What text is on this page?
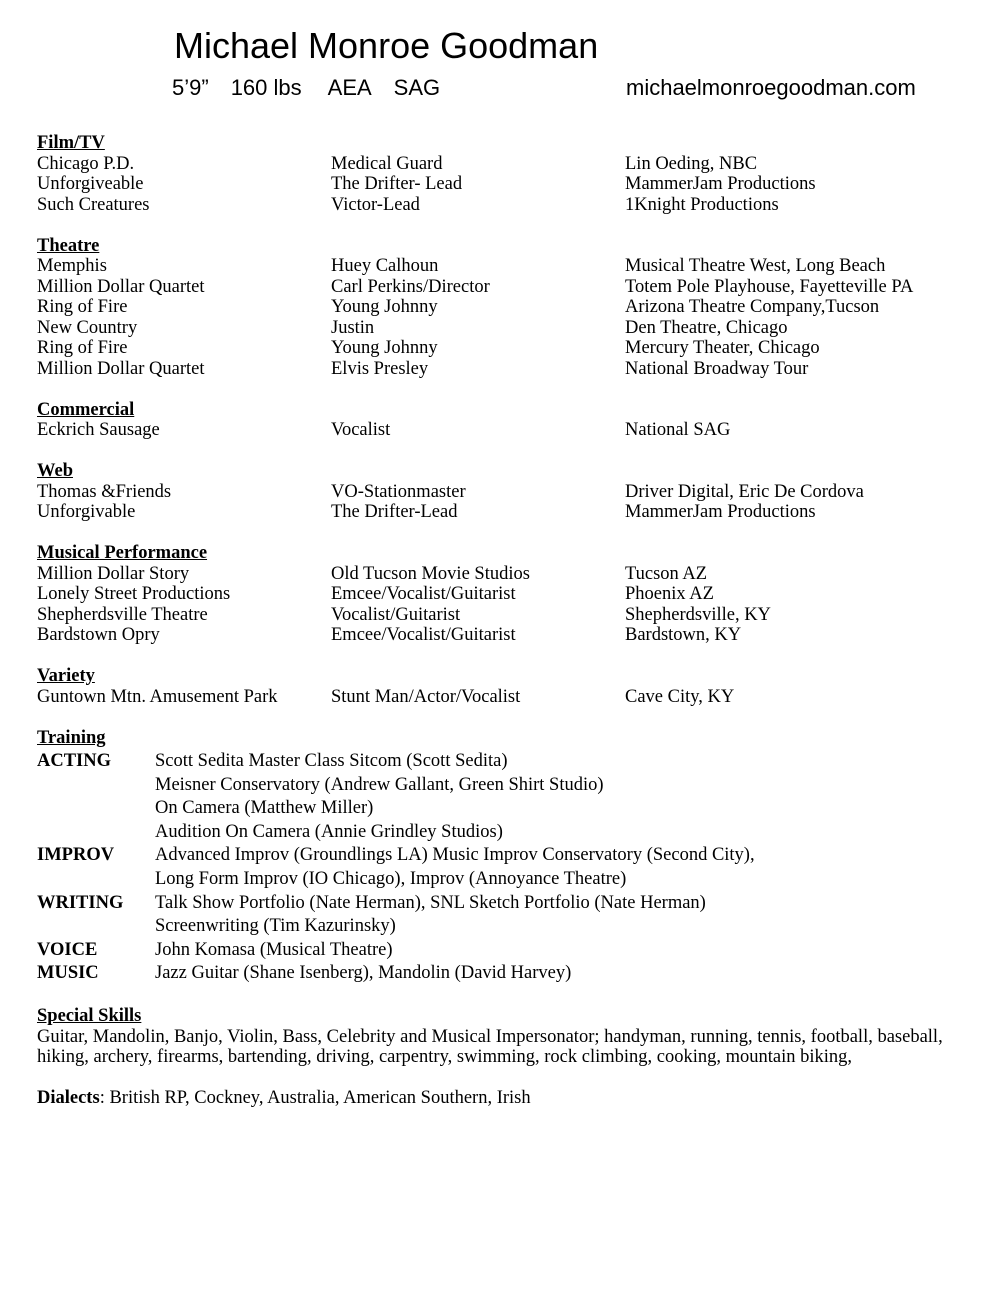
Michael Monroe Goodman
5’9” 160 lbs AEA SAG	michaelmonroegoodman.com
Film/TV
Chicago P.D.	Medical Guard	Lin Oeding, NBC
Unforgiveable	The Drifter- Lead	MammerJam Productions
Such Creatures	Victor-Lead	1Knight Productions
Theatre
Memphis	Huey Calhoun	Musical Theatre West, Long Beach
Million Dollar Quartet	Carl Perkins/Director	Totem Pole Playhouse, Fayetteville PA
Ring of Fire	Young Johnny	Arizona Theatre Company,Tucson
New Country	Justin	Den Theatre, Chicago
Ring of Fire	Young Johnny	Mercury Theater, Chicago
Million Dollar Quartet	Elvis Presley	National Broadway Tour
Commercial
Eckrich Sausage	Vocalist	National SAG
Web
Thomas &Friends	VO-Stationmaster	Driver Digital, Eric De Cordova
Unforgivable	The Drifter-Lead	MammerJam Productions
Musical Performance
Million Dollar Story	Old Tucson Movie Studios	Tucson AZ
Lonely Street Productions	Emcee/Vocalist/Guitarist	Phoenix AZ
Shepherdsville Theatre	Vocalist/Guitarist	Shepherdsville, KY
Bardstown Opry	Emcee/Vocalist/Guitarist	Bardstown, KY
Variety
Guntown Mtn. Amusement Park	Stunt Man/Actor/Vocalist	Cave City, KY
Training
ACTING Scott Sedita Master Class Sitcom (Scott Sedita)
Meisner Conservatory (Andrew Gallant, Green Shirt Studio)
On Camera (Matthew Miller)
Audition On Camera (Annie Grindley Studios)
IMPROV Advanced Improv (Groundlings LA) Music Improv Conservatory (Second City),
Long Form Improv (IO Chicago), Improv (Annoyance Theatre)
WRITING Talk Show Portfolio (Nate Herman), SNL Sketch Portfolio (Nate Herman)
Screenwriting (Tim Kazurinsky)
VOICE	John Komasa (Musical Theatre)
MUSIC	Jazz Guitar (Shane Isenberg), Mandolin (David Harvey)
Special Skills
Guitar, Mandolin, Banjo, Violin, Bass, Celebrity and Musical Impersonator; handyman, running, tennis, football, baseball, hiking, archery, firearms, bartending, driving, carpentry, swimming, rock climbing, cooking, mountain biking,
Dialects: British RP, Cockney, Australia, American Southern, Irish
